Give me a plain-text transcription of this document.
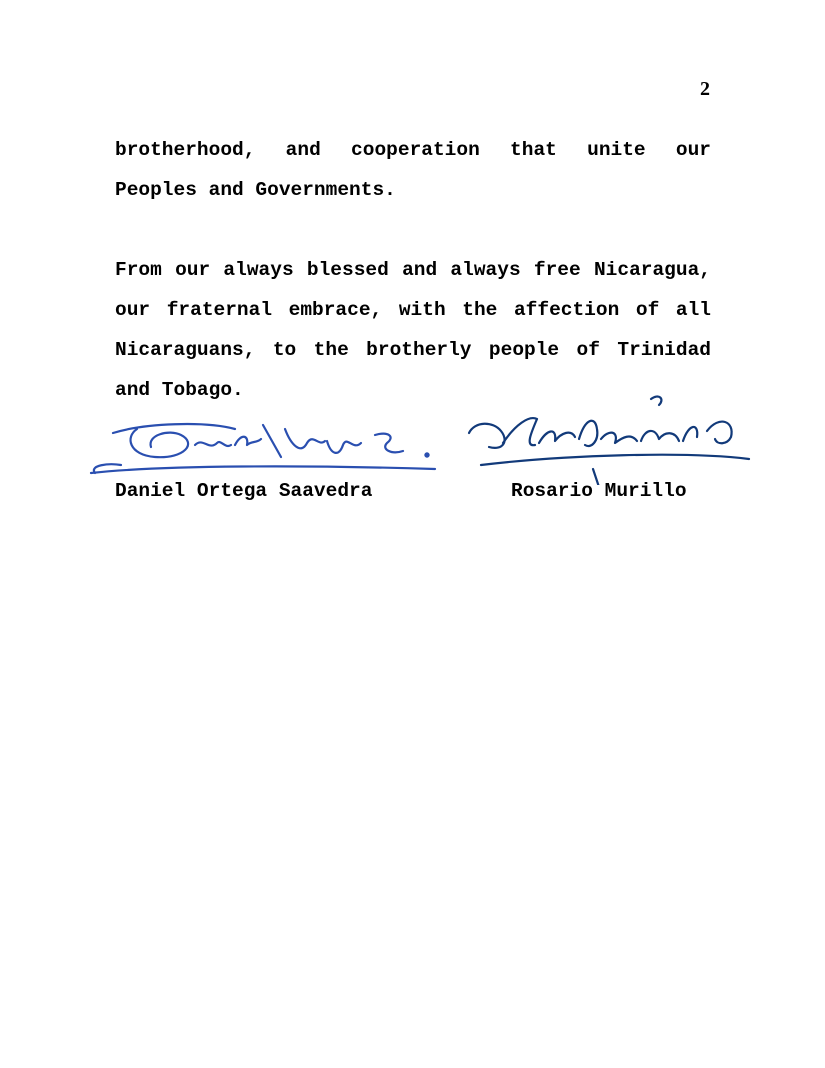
2

brotherhood, and cooperation that unite our Peoples and Governments.

From our always blessed and always free Nicaragua, our fraternal embrace, with the affection of all Nicaraguans, to the brotherly people of Trinidad and Tobago.

Daniel Ortega Saavedra	Rosario Murillo
